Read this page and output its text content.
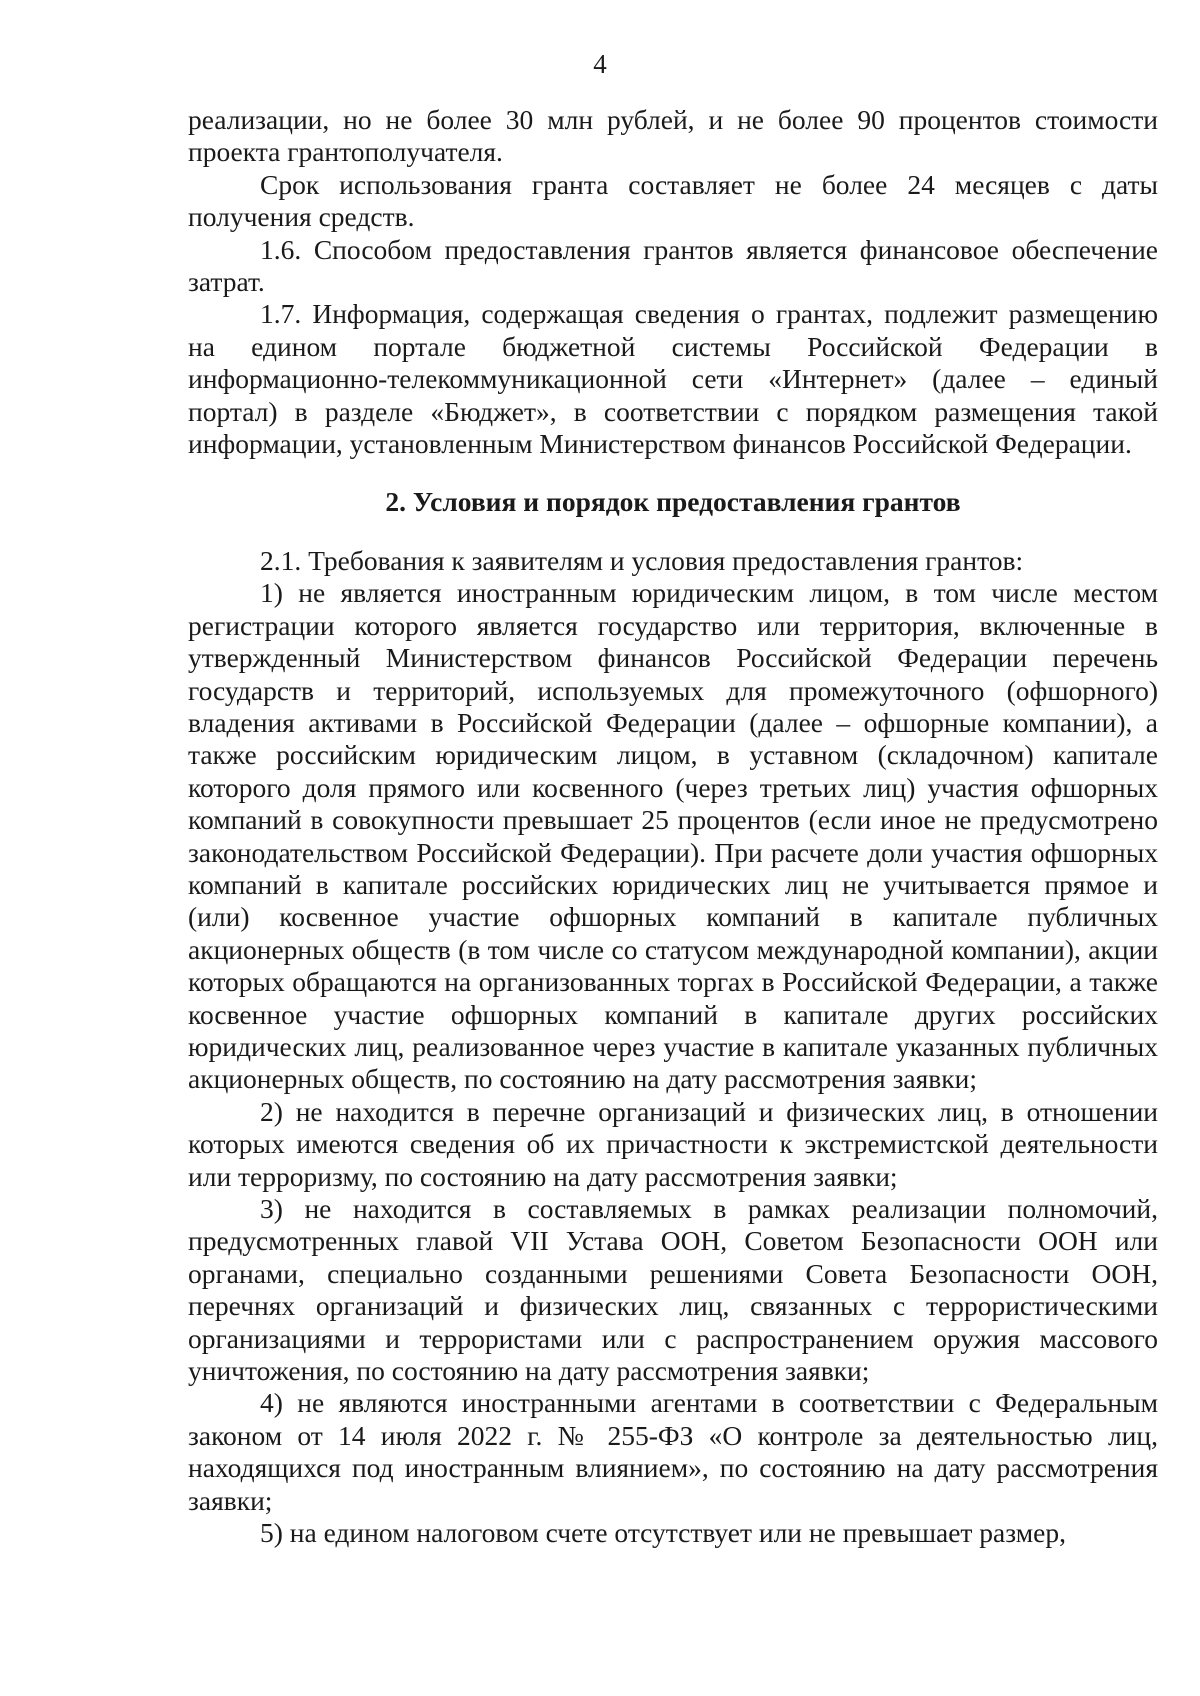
4

реализации, но не более 30 млн рублей, и не более 90 процентов стоимости проекта грантополучателя.

Срок использования гранта составляет не более 24 месяцев с даты получения средств.

1.6. Способом предоставления грантов является финансовое обеспечение затрат.

1.7. Информация, содержащая сведения о грантах, подлежит размещению на едином портале бюджетной системы Российской Федерации в информационно-телекоммуникационной сети «Интернет» (далее – единый портал) в разделе «Бюджет», в соответствии с порядком размещения такой информации, установленным Министерством финансов Российской Федерации.

2. Условия и порядок предоставления грантов

2.1. Требования к заявителям и условия предоставления грантов:

1) не является иностранным юридическим лицом, в том числе местом регистрации которого является государство или территория, включенные в утвержденный Министерством финансов Российской Федерации перечень государств и территорий, используемых для промежуточного (офшорного) владения активами в Российской Федерации (далее – офшорные компании), а также российским юридическим лицом, в уставном (складочном) капитале которого доля прямого или косвенного (через третьих лиц) участия офшорных компаний в совокупности превышает 25 процентов (если иное не предусмотрено законодательством Российской Федерации). При расчете доли участия офшорных компаний в капитале российских юридических лиц не учитывается прямое и (или) косвенное участие офшорных компаний в капитале публичных акционерных обществ (в том числе со статусом международной компании), акции которых обращаются на организованных торгах в Российской Федерации, а также косвенное участие офшорных компаний в капитале других российских юридических лиц, реализованное через участие в капитале указанных публичных акционерных обществ, по состоянию на дату рассмотрения заявки;

2) не находится в перечне организаций и физических лиц, в отношении которых имеются сведения об их причастности к экстремистской деятельности или терроризму, по состоянию на дату рассмотрения заявки;

3) не находится в составляемых в рамках реализации полномочий, предусмотренных главой VII Устава ООН, Советом Безопасности ООН или органами, специально созданными решениями Совета Безопасности ООН, перечнях организаций и физических лиц, связанных с террористическими организациями и террористами или с распространением оружия массового уничтожения, по состоянию на дату рассмотрения заявки;

4) не являются иностранными агентами в соответствии с Федеральным законом от 14 июля 2022 г. № 255-ФЗ «О контроле за деятельностью лиц, находящихся под иностранным влиянием», по состоянию на дату рассмотрения заявки;

5) на едином налоговом счете отсутствует или не превышает размер,
